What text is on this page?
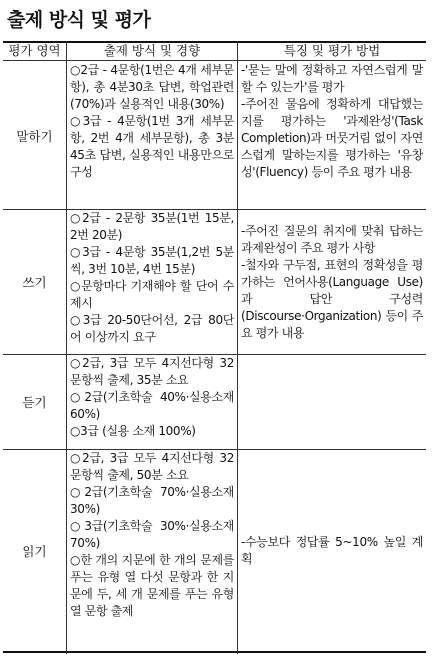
출제 방식 및 평가
평가 영역	출제 방식 및 경향	특징 및 평가 방법
말하기
○2급 - 4문항(1번은 4개 세부문항), 총 4분30초 답변, 학업관련(70%)과 실용적인 내용(30%)
○3급 - 4문항(1번 3개 세부문항, 2번 4개 세부문항), 총 3분45초 답변, 실용적인 내용만으로 구성
-'묻는 말에 정확하고 자연스럽게 말할 수 있는가'를 평가
-주어진 물음에 정확하게 대답했는지를 평가하는 '과제완성'(Task Completion)과 머뭇거림 없이 자연스럽게 말하는지를 평가하는 '유창성'(Fluency) 등이 주요 평가 내용
쓰기
○2급 - 2문항 35분(1번 15분, 2번 20분)
○3급 - 4문항 35분(1,2번 5분씩, 3번 10분, 4번 15분)
○문항마다 기재해야 할 단어 수 제시
○3급 20-50단어선, 2급 80단어 이상까지 요구
-주어진 질문의 취지에 맞춰 답하는 과제완성이 주요 평가 사항
-철자와 구두점, 표현의 정확성을 평가하는 언어사용(Language Use)과 답안 구성력(Discourse·Organization) 등이 주요 평가 내용
듣기
○2급, 3급 모두 4지선다형 32문항씩 출제, 35분 소요
○2급(기초학술 40%·실용소재 60%)
○3급 (실용 소재 100%)
읽기
○2급, 3급 모두 4지선다형 32문항씩 출제, 50분 소요
○2급(기초학술 70%·실용소재 30%)
○3급(기초학술 30%·실용소재 70%)
○한 개의 지문에 한 개의 문제를 푸는 유형 열 다섯 문항과 한 지문에 두, 세 개 문제를 푸는 유형 열 문항 출제
-수능보다 정답률 5~10% 높일 계획
